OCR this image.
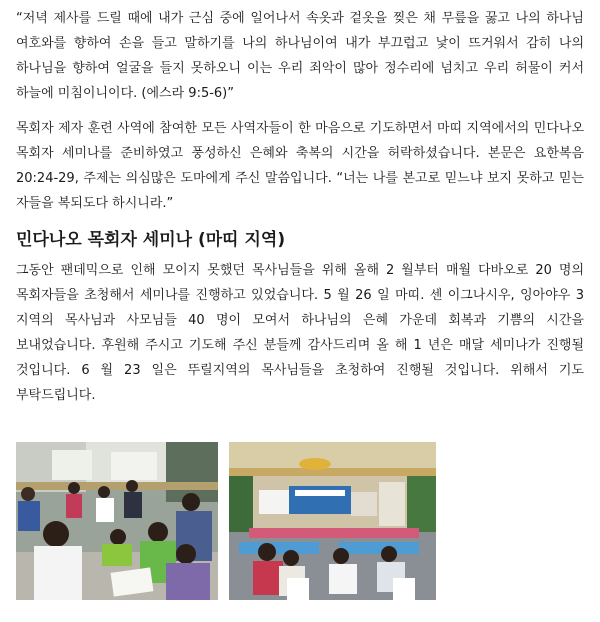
“저녁 제사를 드릴 때에 내가 근심 중에 일어나서 속옷과 겉옷을 찢은 채 무릎을 꿇고 나의 하나님 여호와를 향하여 손을 들고 말하기를 나의 하나님이여 내가 부끄럽고 낯이 뜨거워서 감히 나의 하나님을 향하여 얼굴을 들지 못하오니 이는 우리 죄악이 많아 정수리에 넘치고 우리 허물이 커서 하늘에 미침이니이다. (에스라 9:5-6)”

목회자 제자 훈련 사역에 참여한 모든 사역자들이 한 마음으로 기도하면서 마띠 지역에서의 민다나오 목회자 세미나를 준비하였고 풍성하신 은혜와 축복의 시간을 허락하셨습니다. 본문은 요한복음 20:24-29, 주제는 의심많은 도마에게 주신 말씀입니다. “너는 나를 본고로 믿느냐 보지 못하고 믿는 자들을 복되도다 하시니라.”

민다나오 목회자 세미나 (마띠 지역)

그동안 팬데믹으로 인해 모이지 못했던 목사님들을 위해 올해 2 월부터 매월 다바오로 20 명의 목회자들을 초청해서 세미나를 진행하고 있었습니다. 5 월 26 일 마띠. 센 이그나시우, 잉아야우 3 지역의 목사님과 사모님들 40 명이 모여서 하나님의 은혜 가운데 회복과 기쁨의 시간을 보내었습니다. 후원해 주시고 기도해 주신 분들께 감사드리며 올 해 1 년은 매달 세미나가 진행될 것입니다. 6 월 23 일은 뚜릴지역의 목사님들을 초청하여 진행될 것입니다. 위해서 기도 부탁드립니다.
